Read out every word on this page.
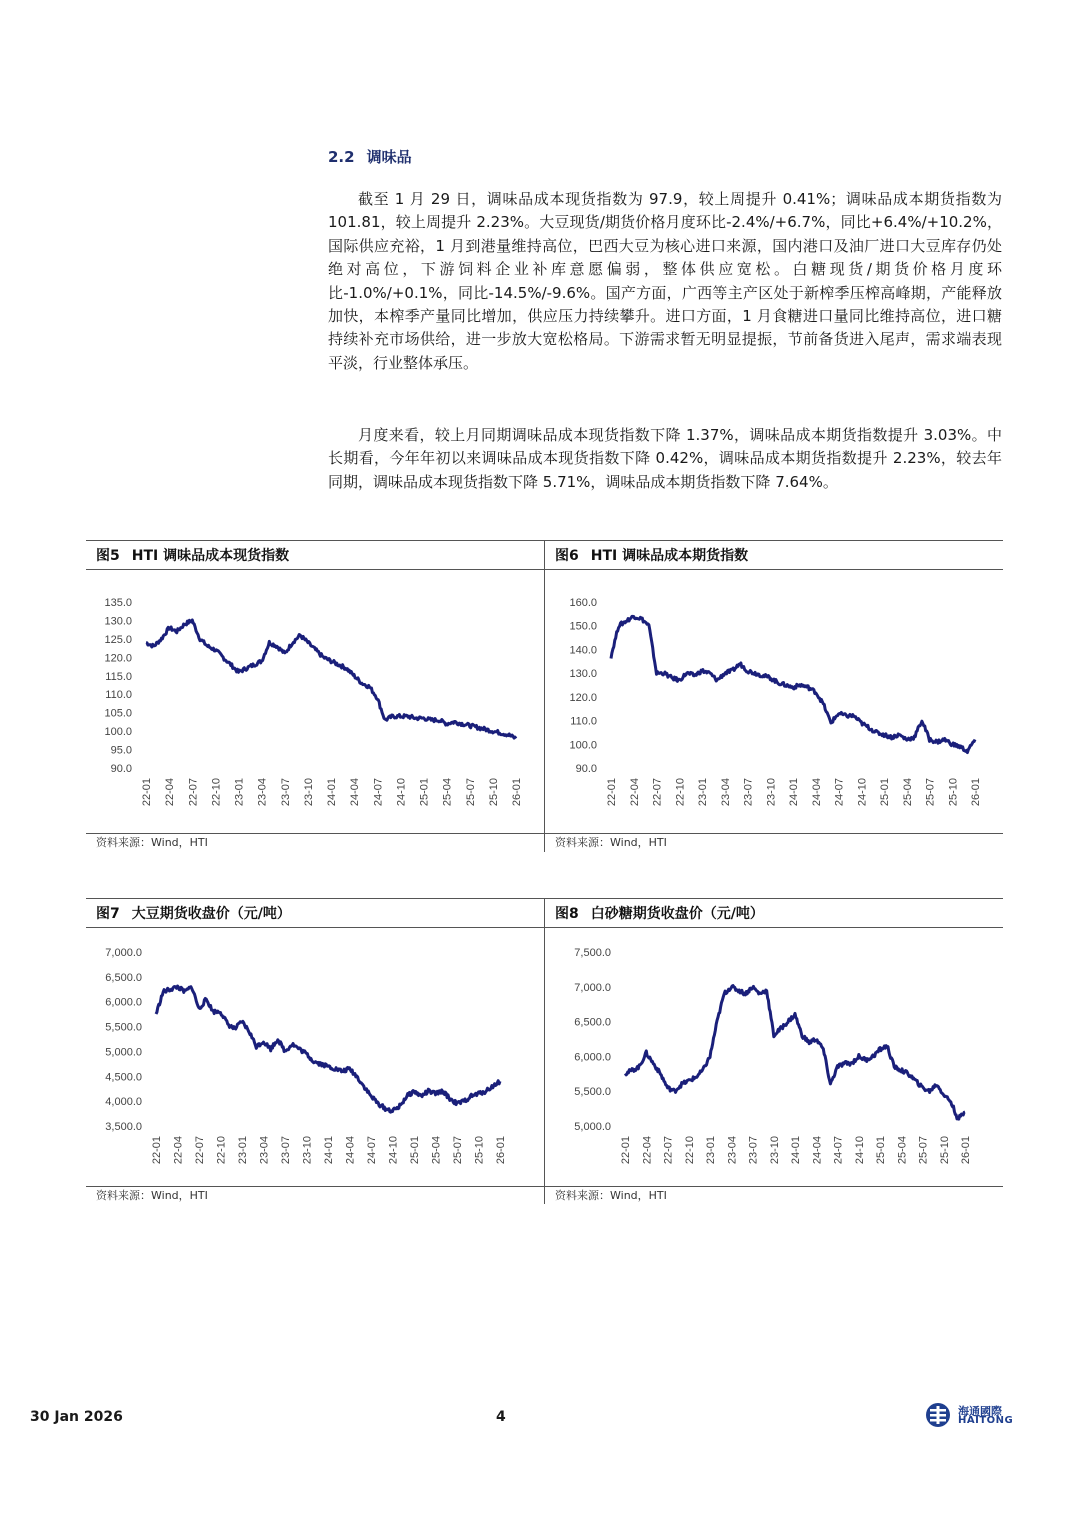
2.2 调味品
截至 1 月 29 日，调味品成本现货指数为 97.9，较上周提升 0.41%；调味品成本期货指数为 101.81，较上周提升 2.23%。大豆现货/期货价格月度环比-2.4%/+6.7%，同比+6.4%/+10.2%，国际供应充裕，1 月到港量维持高位，巴西大豆为核心进口来源，国内港口及油厂进口大豆库存仍处绝对高位，下游饲料企业补库意愿偏弱，整体供应宽松。白糖现货/期货价格月度环比-1.0%/+0.1%，同比-14.5%/-9.6%。国产方面，广西等主产区处于新榨季压榨高峰期，产能释放加快，本榨季产量同比增加，供应压力持续攀升。进口方面，1 月食糖进口量同比维持高位，进口糖持续补充市场供给，进一步放大宽松格局。下游需求暂无明显提振，节前备货进入尾声，需求端表现平淡，行业整体承压。
月度来看，较上月同期调味品成本现货指数下降 1.37%，调味品成本期货指数提升 3.03%。中长期看，今年年初以来调味品成本现货指数下降 0.42%，调味品成本期货指数提升 2.23%，较去年同期，调味品成本现货指数下降 5.71%，调味品成本期货指数下降 7.64%。
图5 HTI 调味品成本现货指数
135.0
130.0
125.0
120.0
115.0
110.0
105.0
100.0
95.0
90.0
22-01 22-04 22-07 22-10 23-01 23-04 23-07 23-10 24-01 24-04 24-07 24-10 25-01 25-04 25-07 25-10 26-01
资料来源：Wind，HTI
图6 HTI 调味品成本期货指数
160.0
150.0
140.0
130.0
120.0
110.0
100.0
90.0
22-01 22-04 22-07 22-10 23-01 23-04 23-07 23-10 24-01 24-04 24-07 24-10 25-01 25-04 25-07 25-10 26-01
资料来源：Wind，HTI
图7 大豆期货收盘价（元/吨）
7,000.0
6,500.0
6,000.0
5,500.0
5,000.0
4,500.0
4,000.0
3,500.0
22-01 22-04 22-07 22-10 23-01 23-04 23-07 23-10 24-01 24-04 24-07 24-10 25-01 25-04 25-07 25-10 26-01
资料来源：Wind，HTI
图8 白砂糖期货收盘价（元/吨）
7,500.0
7,000.0
6,500.0
6,000.0
5,500.0
5,000.0
22-01 22-04 22-07 22-10 23-01 23-04 23-07 23-10 24-01 24-04 24-07 24-10 25-01 25-04 25-07 25-10 26-01
资料来源：Wind，HTI
30 Jan 2026	4	海通國際
HAITONG
